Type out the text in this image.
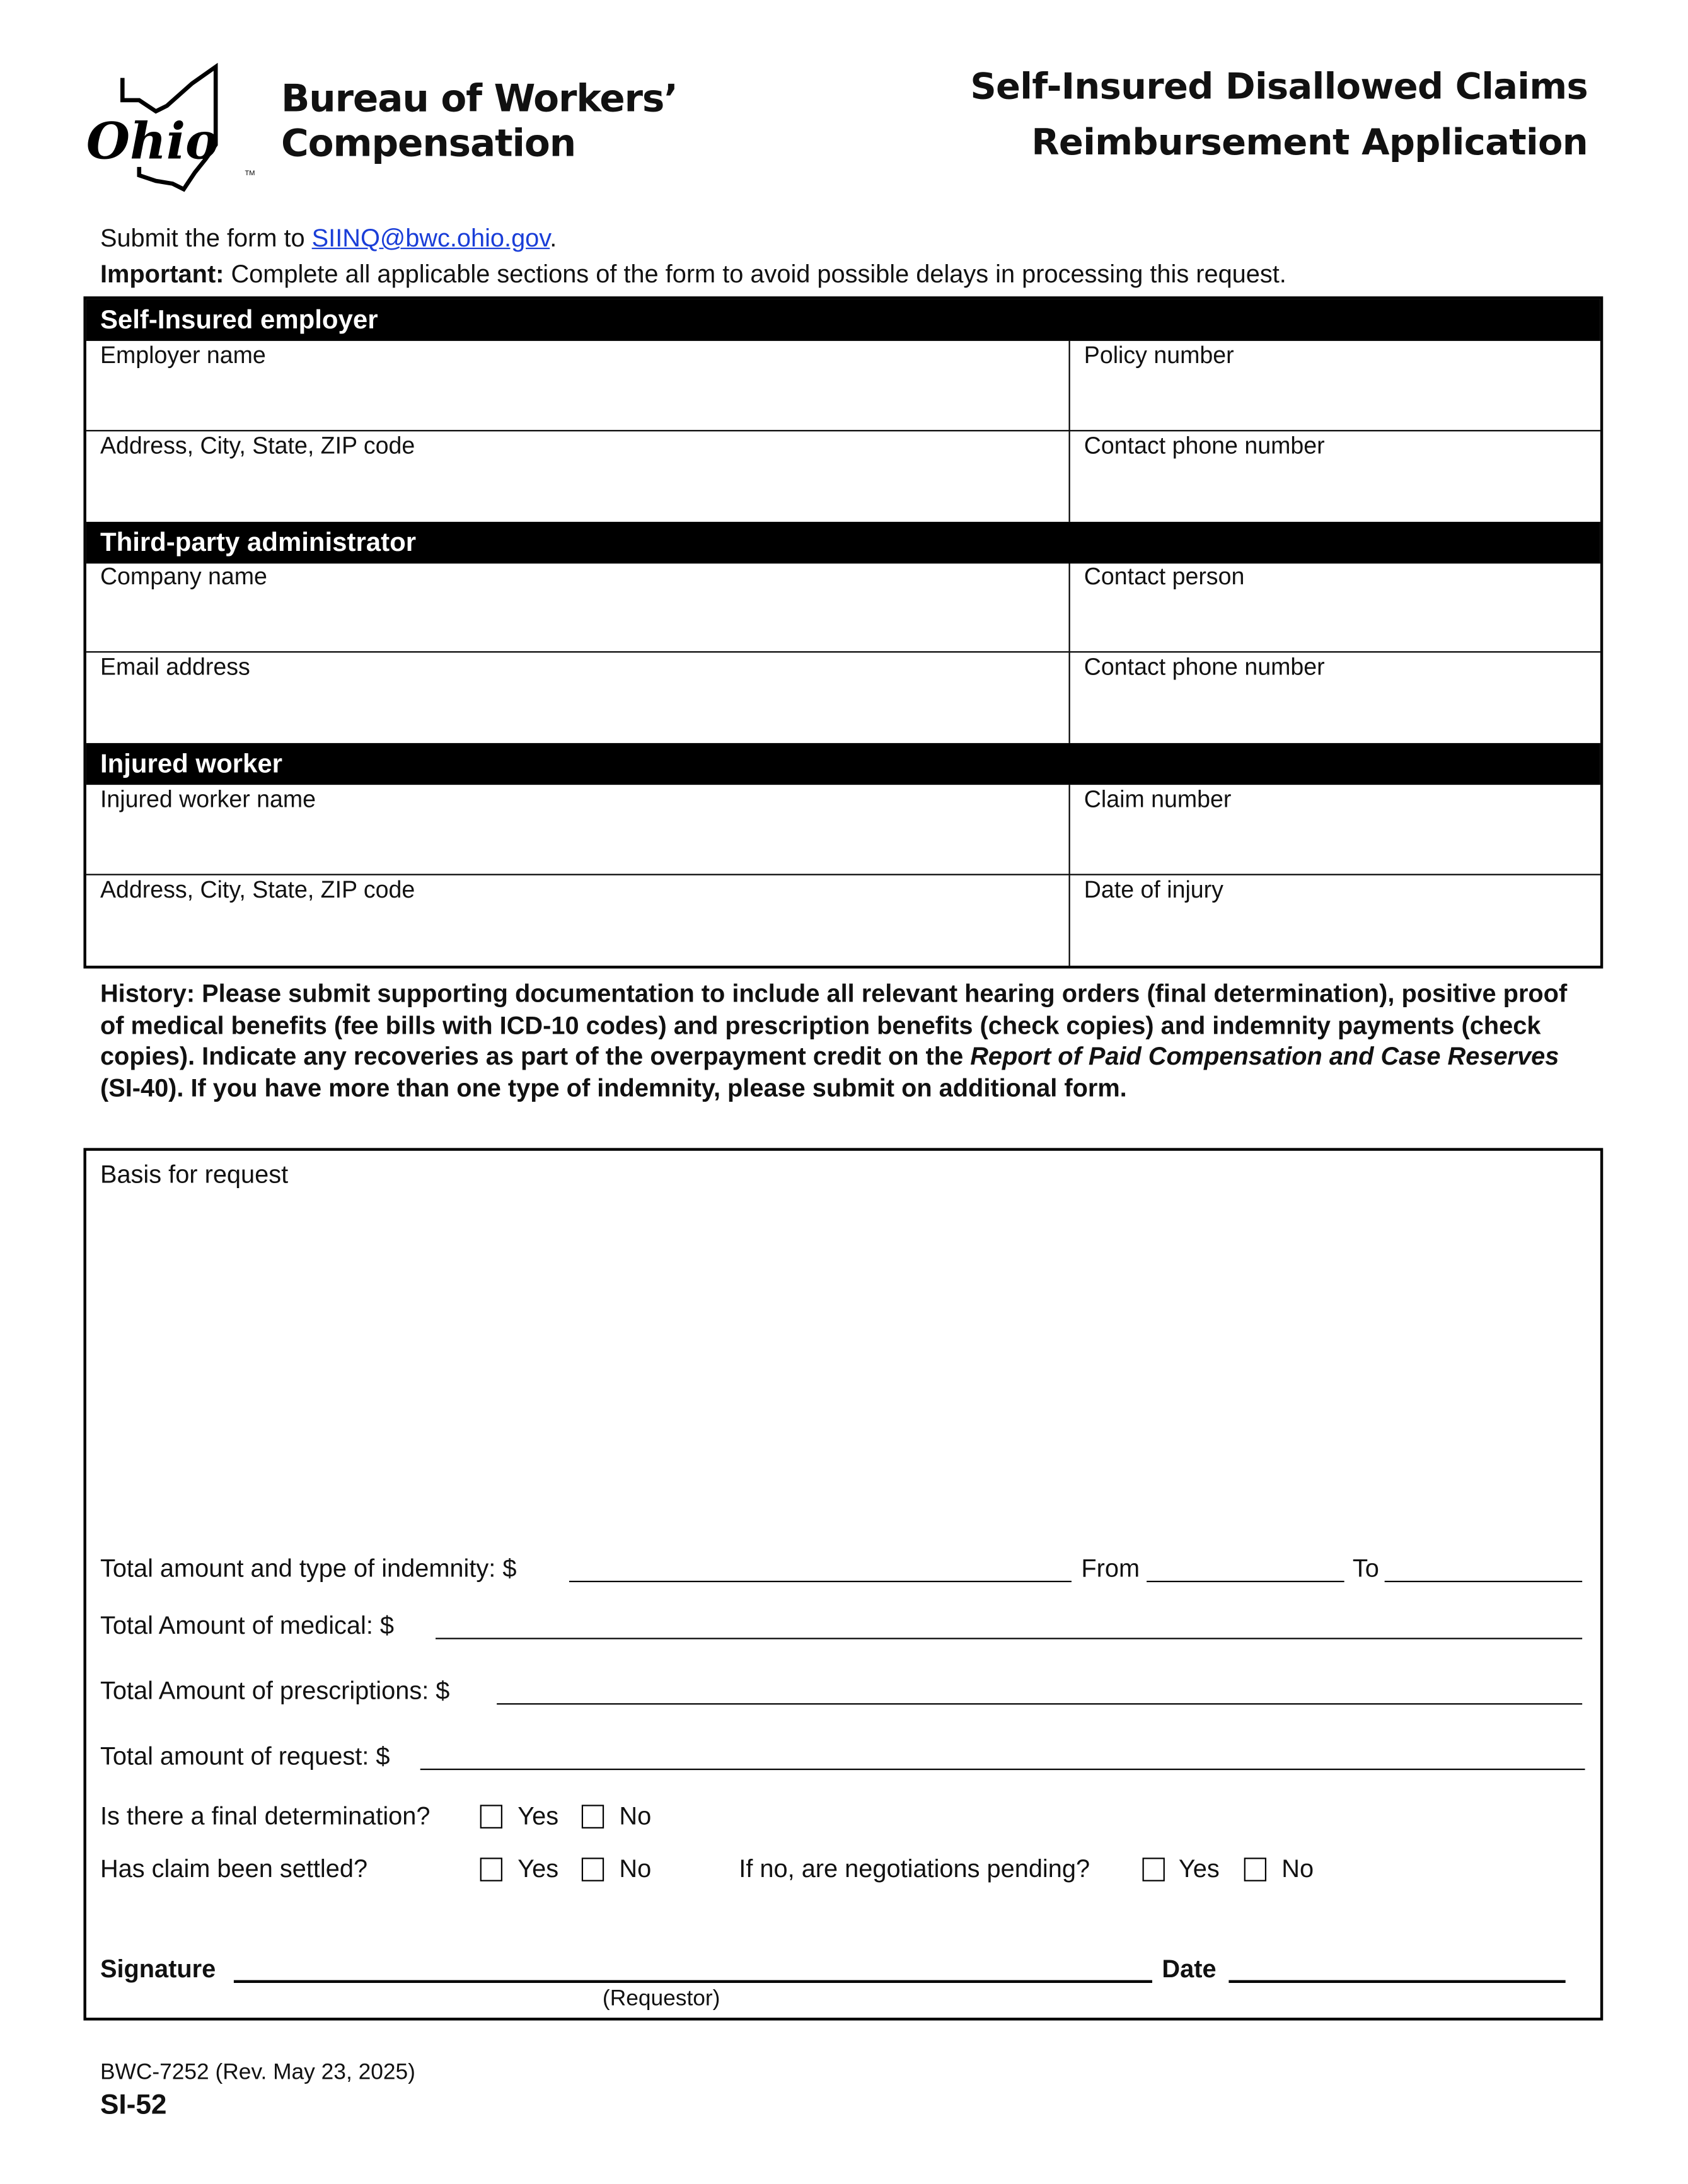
Ohio
TM
Bureau of Workers’
Compensation
Self-Insured Disallowed Claims
Reimbursement Application
Submit the form to SIINQ@bwc.ohio.gov.
Important: Complete all applicable sections of the form to avoid possible delays in processing this request.
Self-Insured employer
Employer name	Policy number
Address, City, State, ZIP code	Contact phone number
Third-party administrator
Company name	Contact person
Email address	Contact phone number
Injured worker
Injured worker name	Claim number
Address, City, State, ZIP code	Date of injury
History: Please submit supporting documentation to include all relevant hearing orders (final determination), positive proof of medical benefits (fee bills with ICD-10 codes) and prescription benefits (check copies) and indemnity payments (check copies). Indicate any recoveries as part of the overpayment credit on the Report of Paid Compensation and Case Reserves (SI-40). If you have more than one type of indemnity, please submit on additional form.
Basis for request
Total amount and type of indemnity: $	From	To
Total Amount of medical: $
Total Amount of prescriptions: $
Total amount of request: $
Is there a final determination?	Yes	No
Has claim been settled?	Yes	No	If no, are negotiations pending?	Yes	No
Signature	Date
(Requestor)
BWC-7252 (Rev. May 23, 2025)
SI-52
